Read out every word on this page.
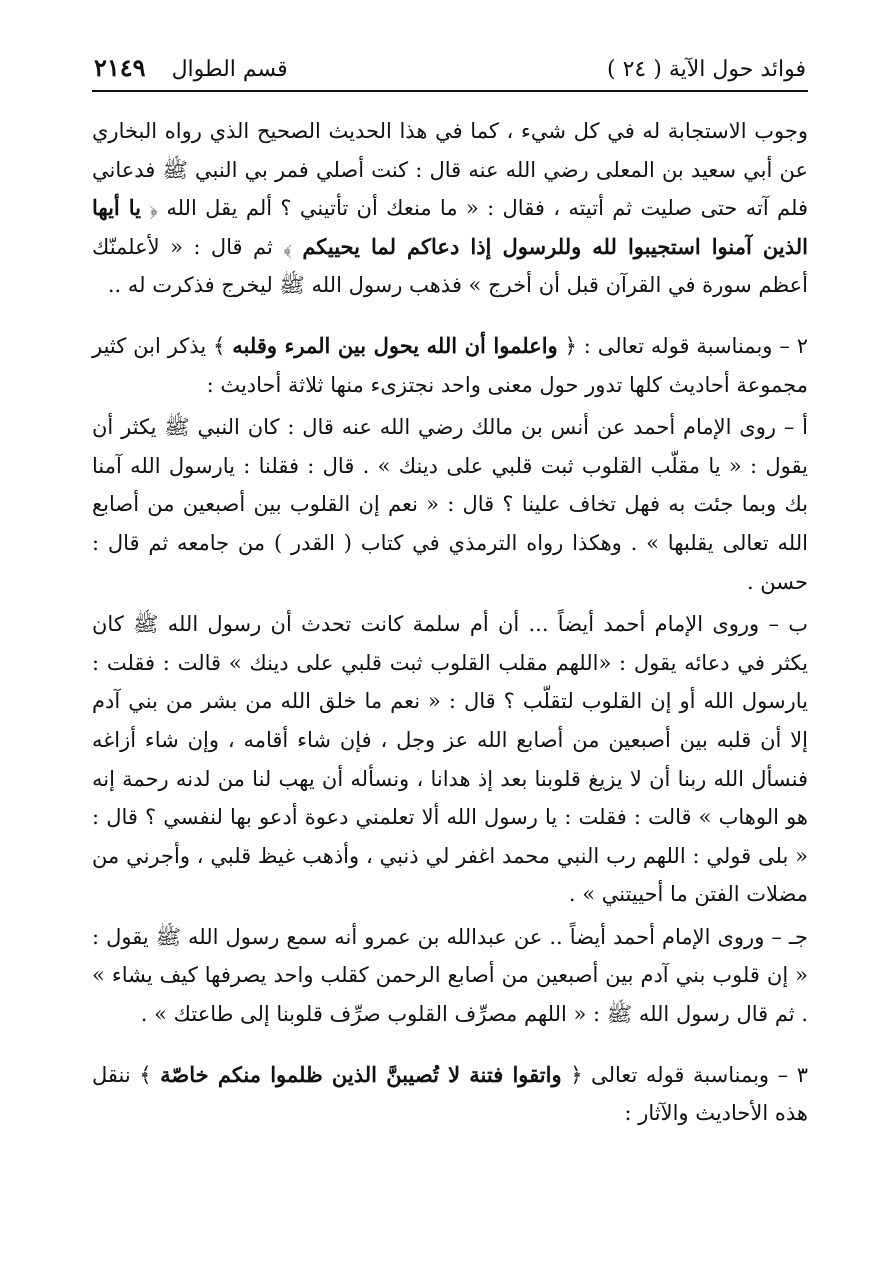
فوائد حول الآية ( ٢٤ )
قسم الطوال
٢١٤٩

وجوب الاستجابة له في كل شيء ، كما في هذا الحديث الصحيح الذي رواه البخاري عن أبي سعيد بن المعلى رضي الله عنه قال : كنت أصلي فمر بي النبي ﷺ فدعاني فلم آته حتى صليت ثم أتيته ، فقال : « ما منعك أن تأتيني ؟ ألم يقل الله ﴿ يا أيها الذين آمنوا استجيبوا لله وللرسول إذا دعاكم لما يحييكم ﴾ ثم قال : « لأعلمنّك أعظم سورة في القرآن قبل أن أخرج » فذهب رسول الله ﷺ ليخرج فذكرت له ..

٢ – وبمناسبة قوله تعالى : ﴿ واعلموا أن الله يحول بين المرء وقلبه ﴾ يذكر ابن كثير مجموعة أحاديث كلها تدور حول معنى واحد نجتزىء منها ثلاثة أحاديث :

أ – روى الإمام أحمد عن أنس بن مالك رضي الله عنه قال : كان النبي ﷺ يكثر أن يقول : « يا مقلّب القلوب ثبت قلبي على دينك » . قال : فقلنا : يارسول الله آمنا بك وبما جئت به فهل تخاف علينا ؟ قال : « نعم إن القلوب بين أصبعين من أصابع الله تعالى يقلبها » . وهكذا رواه الترمذي في كتاب ( القدر ) من جامعه ثم قال : حسن .

ب – وروى الإمام أحمد أيضاً ... أن أم سلمة كانت تحدث أن رسول الله ﷺ كان يكثر في دعائه يقول : «اللهم مقلب القلوب ثبت قلبي على دينك » قالت : فقلت : يارسول الله أو إن القلوب لتقلّب ؟ قال : « نعم ما خلق الله من بشر من بني آدم إلا أن قلبه بين أصبعين من أصابع الله عز وجل ، فإن شاء أقامه ، وإن شاء أزاغه فنسأل الله ربنا أن لا يزيغ قلوبنا بعد إذ هدانا ، ونسأله أن يهب لنا من لدنه رحمة إنه هو الوهاب » قالت : فقلت : يا رسول الله ألا تعلمني دعوة أدعو بها لنفسي ؟ قال : « بلى قولي : اللهم رب النبي محمد اغفر لي ذنبي ، وأذهب غيظ قلبي ، وأجرني من مضلات الفتن ما أحييتني » .

جـ – وروى الإمام أحمد أيضاً .. عن عبدالله بن عمرو أنه سمع رسول الله ﷺ يقول : « إن قلوب بني آدم بين أصبعين من أصابع الرحمن كقلب واحد يصرفها كيف يشاء » . ثم قال رسول الله ﷺ : « اللهم مصرِّف القلوب صرِّف قلوبنا إلى طاعتك » .

٣ – وبمناسبة قوله تعالى ﴿ واتقوا فتنة لا تُصيبنَّ الذين ظلموا منكم خاصّة ﴾ ننقل هذه الأحاديث والآثار :
